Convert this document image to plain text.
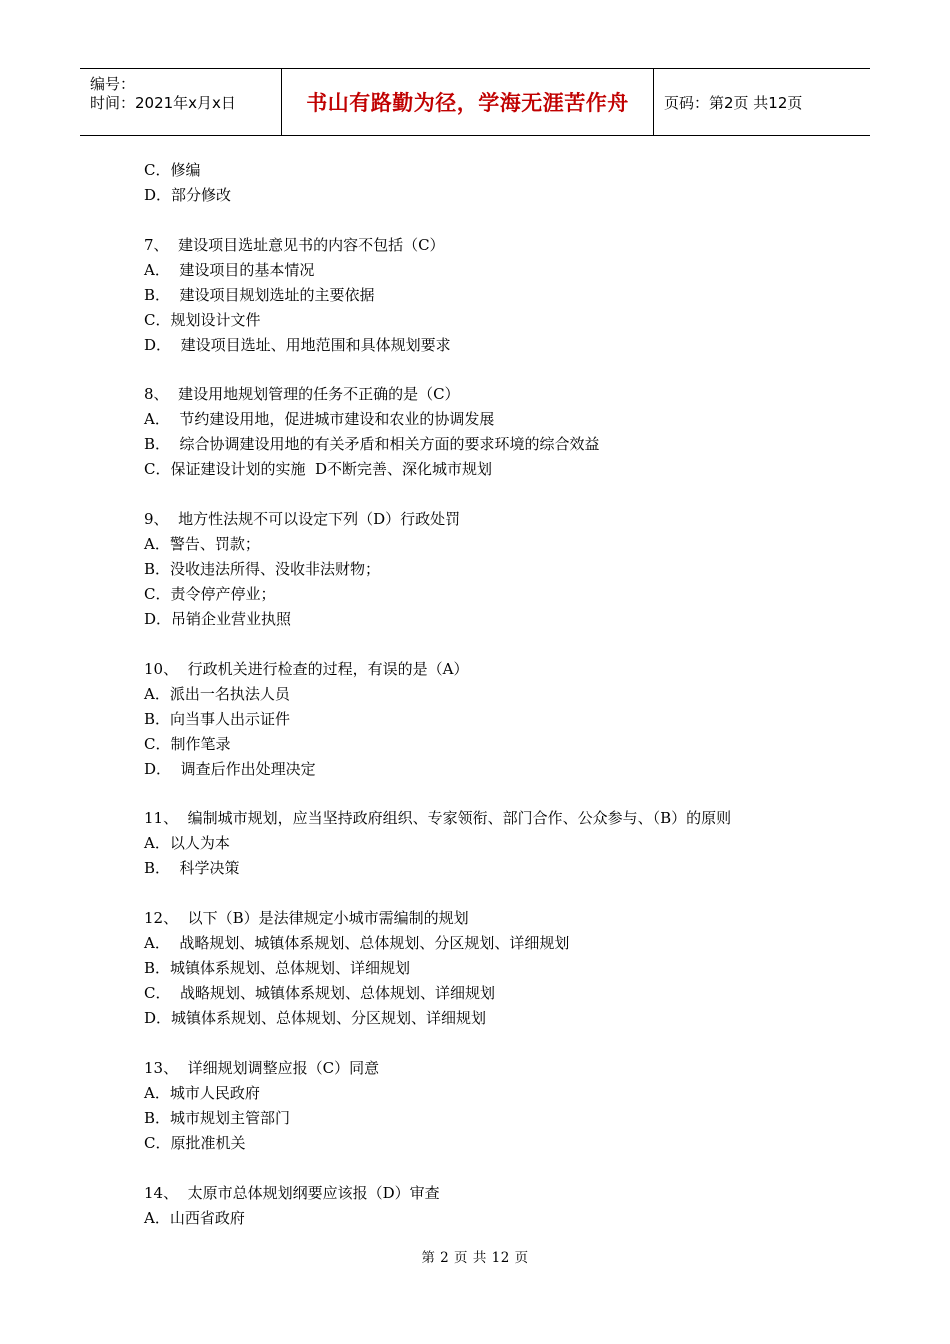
编号：
时间：2021年x月x日	书山有路勤为径，学海无涯苦作舟	页码：第2页 共12页
C．修编
D．部分修改
7、  建设项目选址意见书的内容不包括（C）
A．  建设项目的基本情况
B．  建设项目规划选址的主要依据
C．规划设计文件
D．  建设项目选址、用地范围和具体规划要求
8、  建设用地规划管理的任务不正确的是（C）
A．  节约建设用地，促进城市建设和农业的协调发展
B．  综合协调建设用地的有关矛盾和相关方面的要求环境的综合效益
C．保证建设计划的实施  D不断完善、深化城市规划
9、  地方性法规不可以设定下列（D）行政处罚
A．警告、罚款；
B．没收违法所得、没收非法财物；
C．责令停产停业；
D．吊销企业营业执照
10、  行政机关进行检查的过程，有误的是（A）
A．派出一名执法人员
B．向当事人出示证件
C．制作笔录
D．  调查后作出处理决定
11、  编制城市规划，应当坚持政府组织、专家领衔、部门合作、公众参与、（B）的原则
A．以人为本
B．  科学决策
12、  以下（B）是法律规定小城市需编制的规划
A．  战略规划、城镇体系规划、总体规划、分区规划、详细规划
B．城镇体系规划、总体规划、详细规划
C．  战略规划、城镇体系规划、总体规划、详细规划
D．城镇体系规划、总体规划、分区规划、详细规划
13、  详细规划调整应报（C）同意
A．城市人民政府
B．城市规划主管部门
C．原批准机关
14、  太原市总体规划纲要应该报（D）审查
A．山西省政府
第 2 页 共 12 页
